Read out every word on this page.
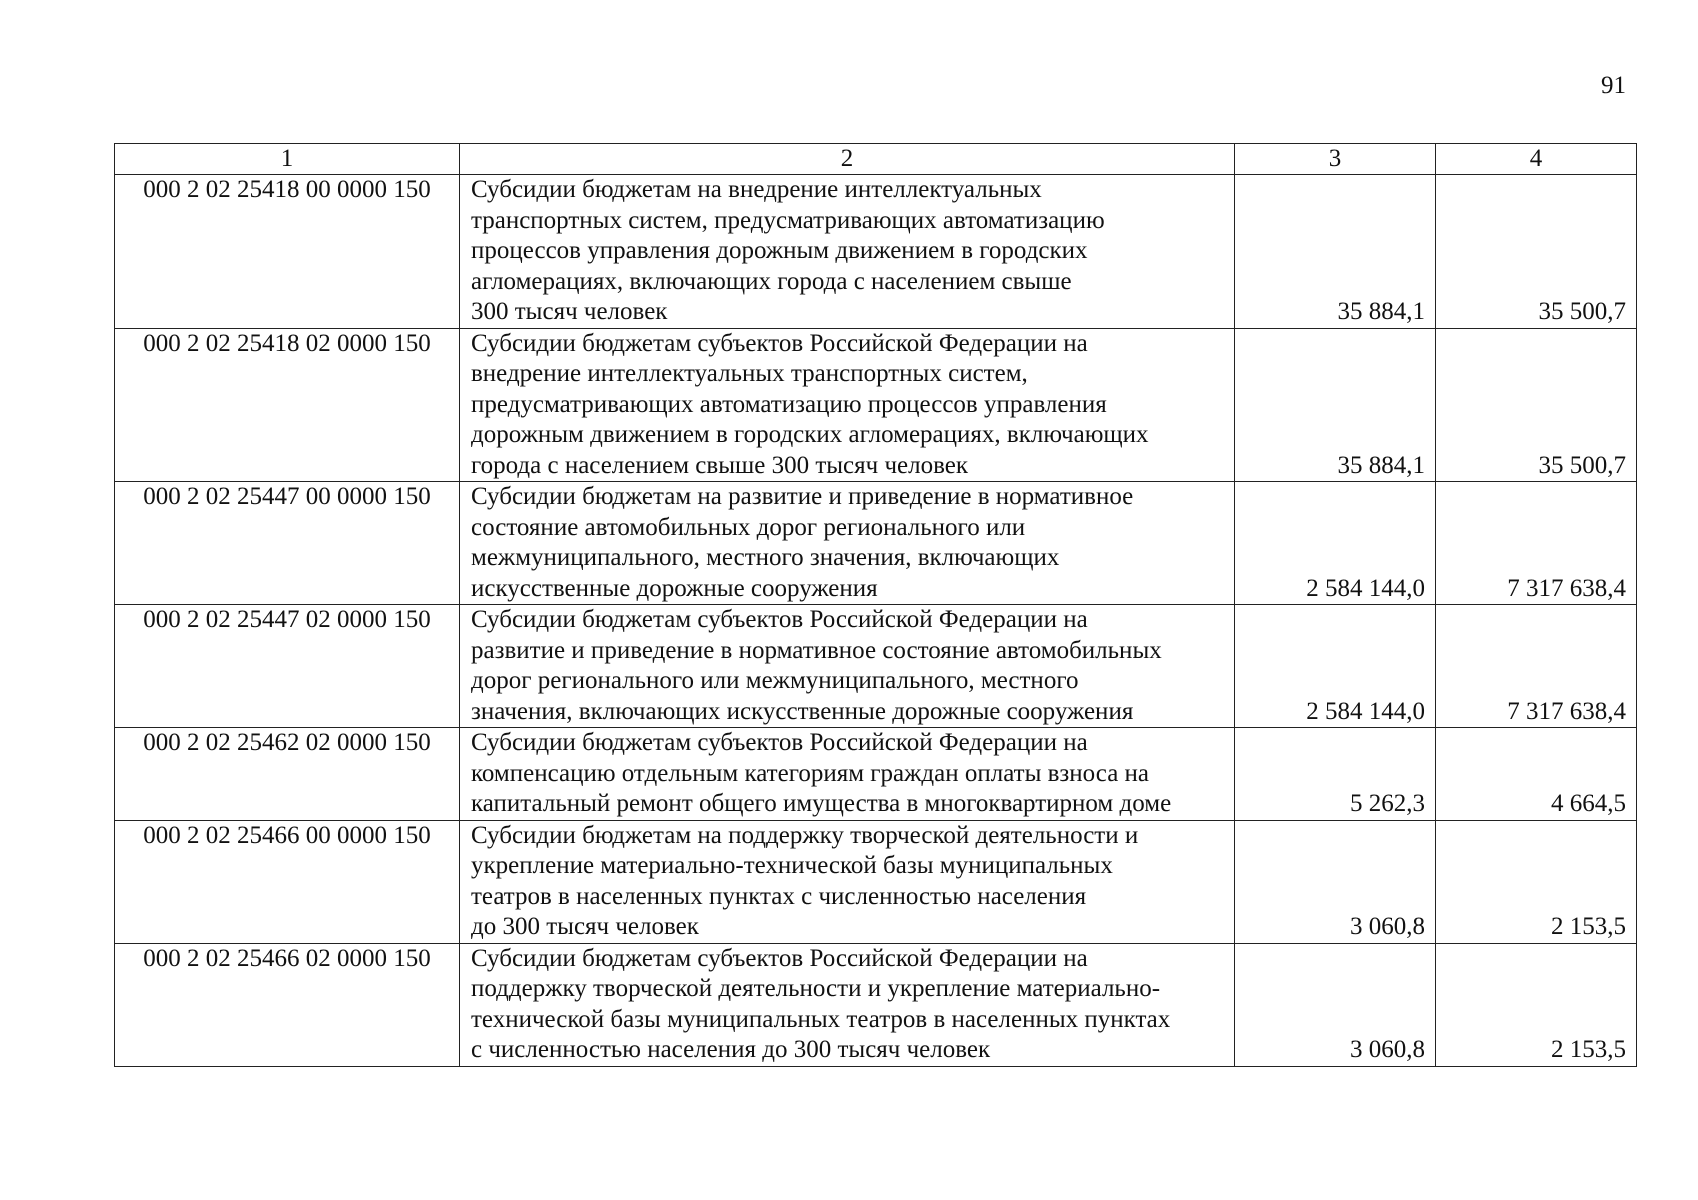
91
1	2	3	4
000 2 02 25418 00 0000 150	Субсидии бюджетам на внедрение интеллектуальных
транспортных систем, предусматривающих автоматизацию
процессов управления дорожным движением в городских
агломерациях, включающих города с населением свыше
300 тысяч человек	35 884,1	35 500,7
000 2 02 25418 02 0000 150	Субсидии бюджетам субъектов Российской Федерации на
внедрение интеллектуальных транспортных систем,
предусматривающих автоматизацию процессов управления
дорожным движением в городских агломерациях, включающих
города с населением свыше 300 тысяч человек	35 884,1	35 500,7
000 2 02 25447 00 0000 150	Субсидии бюджетам на развитие и приведение в нормативное
состояние автомобильных дорог регионального или
межмуниципального, местного значения, включающих
искусственные дорожные сооружения	2 584 144,0	7 317 638,4
000 2 02 25447 02 0000 150	Субсидии бюджетам субъектов Российской Федерации на
развитие и приведение в нормативное состояние автомобильных
дорог регионального или межмуниципального, местного
значения, включающих искусственные дорожные сооружения	2 584 144,0	7 317 638,4
000 2 02 25462 02 0000 150	Субсидии бюджетам субъектов Российской Федерации на
компенсацию отдельным категориям граждан оплаты взноса на
капитальный ремонт общего имущества в многоквартирном доме	5 262,3	4 664,5
000 2 02 25466 00 0000 150	Субсидии бюджетам на поддержку творческой деятельности и
укрепление материально-технической базы муниципальных
театров в населенных пунктах с численностью населения
до 300 тысяч человек	3 060,8	2 153,5
000 2 02 25466 02 0000 150	Субсидии бюджетам субъектов Российской Федерации на
поддержку творческой деятельности и укрепление материально-
технической базы муниципальных театров в населенных пунктах
с численностью населения до 300 тысяч человек	3 060,8	2 153,5
